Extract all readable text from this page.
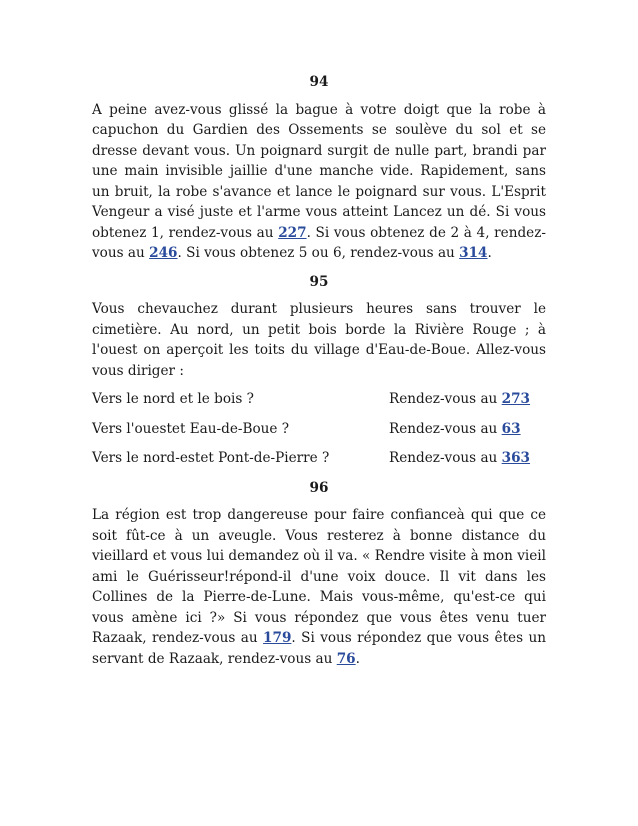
94

A peine avez-vous glissé la bague à votre doigt que la robe à capuchon du Gardien des Ossements se soulève du sol et se dresse devant vous. Un poignard surgit de nulle part, brandi par une main invisible jaillie d'une manche vide. Rapidement, sans un bruit, la robe s'avance et lance le poignard sur vous. L'Esprit Vengeur a visé juste et l'arme vous atteint Lancez un dé. Si vous obtenez 1, rendez-vous au 227. Si vous obtenez de 2 à 4, rendez-vous au 246. Si vous obtenez 5 ou 6, rendez-vous au 314.

95

Vous chevauchez durant plusieurs heures sans trouver le cimetière. Au nord, un petit bois borde la Rivière Rouge ; à l'ouest on aperçoit les toits du village d'Eau-de-Boue. Allez-vous vous diriger :

Vers le nord et le bois ?	Rendez-vous au 273
Vers l'ouestet Eau-de-Boue ?	Rendez-vous au 63
Vers le nord-estet Pont-de-Pierre ?	Rendez-vous au 363
96

La région est trop dangereuse pour faire confianceà qui que ce soit fût-ce à un aveugle. Vous resterez à bonne distance du vieillard et vous lui demandez où il va. « Rendre visite à mon vieil ami le Guérisseur!répond-il d'une voix douce. Il vit dans les Collines de la Pierre-de-Lune. Mais vous-même, qu'est-ce qui vous amène ici ?» Si vous répondez que vous êtes venu tuer Razaak, rendez-vous au 179. Si vous répondez que vous êtes un servant de Razaak, rendez-vous au 76.
